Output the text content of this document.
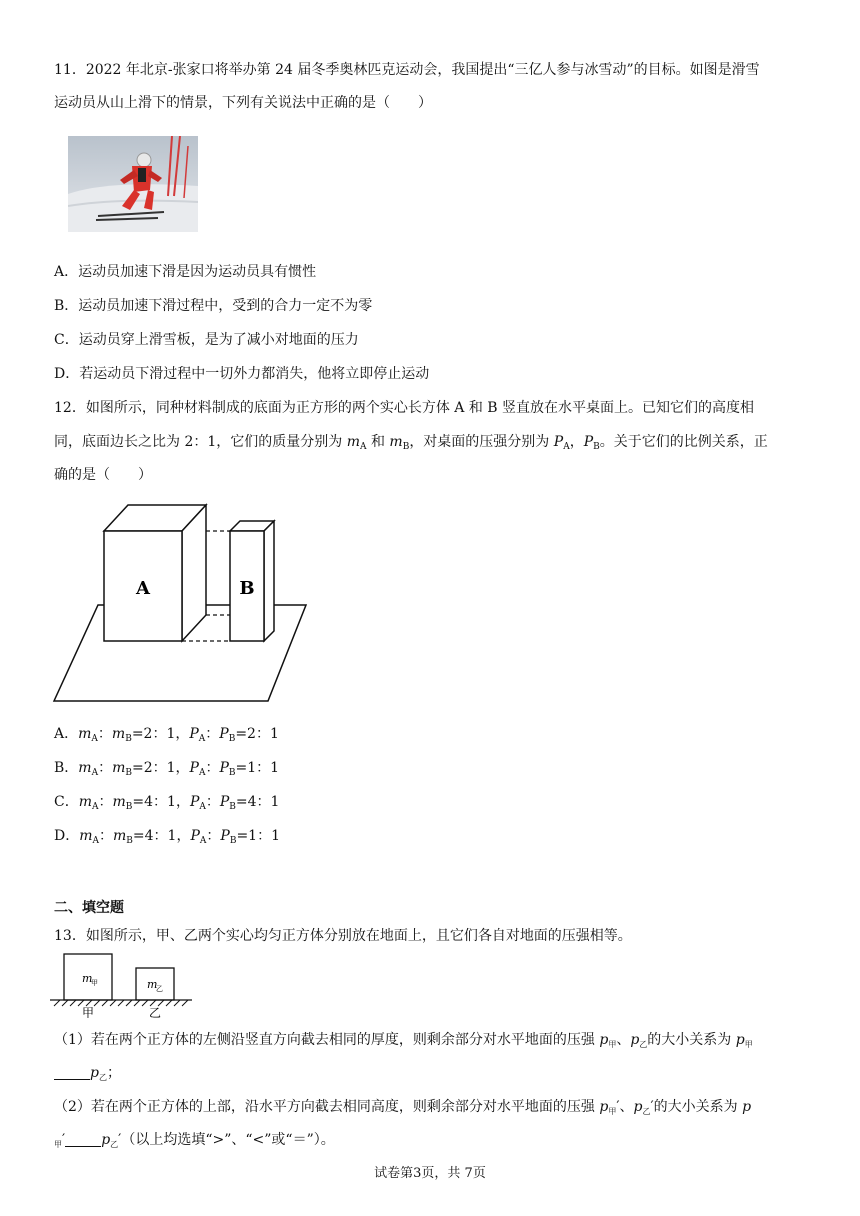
11．2022 年北京-张家口将举办第 24 届冬季奥林匹克运动会，我国提出“三亿人参与冰雪动”的目标。如图是滑雪
运动员从山上滑下的情景，下列有关说法中正确的是（　　）
A．运动员加速下滑是因为运动员具有惯性
B．运动员加速下滑过程中，受到的合力一定不为零
C．运动员穿上滑雪板，是为了减小对地面的压力
D．若运动员下滑过程中一切外力都消失，他将立即停止运动
12．如图所示，同种材料制成的底面为正方形的两个实心长方体 A 和 B 竖直放在水平桌面上。已知它们的高度相
同，底面边长之比为 2：1，它们的质量分别为 $m_A$ 和 $m_B$，对桌面的压强分别为 $P_A$，$P_B$。关于它们的比例关系，正
确的是（　　）
A	B
A．$m_A$：$m_B=2$：1，$P_A$：$P_B=2$：1
B．$m_A$：$m_B=2$：1，$P_A$：$P_B=1$：1
C．$m_A$：$m_B=4$：1，$P_A$：$P_B=4$：1
D．$m_A$：$m_B=4$：1，$P_A$：$P_B=1$：1
二、填空题
13．如图所示，甲、乙两个实心均匀正方体分别放在地面上，且它们各自对地面的压强相等。
m
甲	m
乙
甲	乙
（1）若在两个正方体的左侧沿竖直方向截去相同的厚度，则剩余部分对水平地面的压强 $p_甲$、$p_乙$的大小关系为 $p_甲$
$p_乙$；
（2）若在两个正方体的上部，沿水平方向截去相同高度，则剩余部分对水平地面的压强 $p_甲'$、$p_乙'$的大小关系为 p
$_甲$′	$p_乙'$（以上均选填“>”、“<”或“＝”）。
试卷第3页，共 7页
